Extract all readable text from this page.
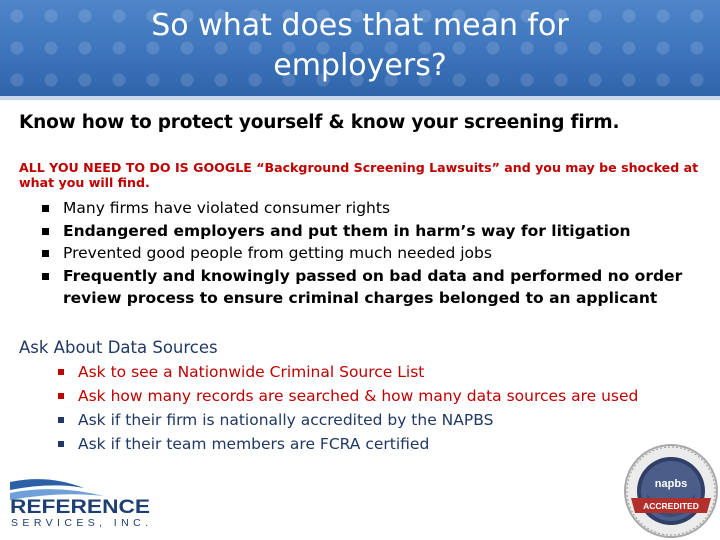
So what does that mean for
employers?
Know how to protect yourself & know your screening firm.
ALL YOU NEED TO DO IS GOOGLE “Background Screening Lawsuits” and you may be shocked at what you will find.
Many firms have violated consumer rights
Endangered employers and put them in harm’s way for litigation
Prevented good people from getting much needed jobs
Frequently and knowingly passed on bad data and performed no order review process to ensure criminal charges belonged to an applicant
Ask About Data Sources
Ask to see a Nationwide Criminal Source List
Ask how many records are searched & how many data sources are used
Ask if their firm is nationally accredited by the NAPBS
Ask if their team members are FCRA certified
REFERENCE
SERVICES, INC.
napbs
ACCREDITED
